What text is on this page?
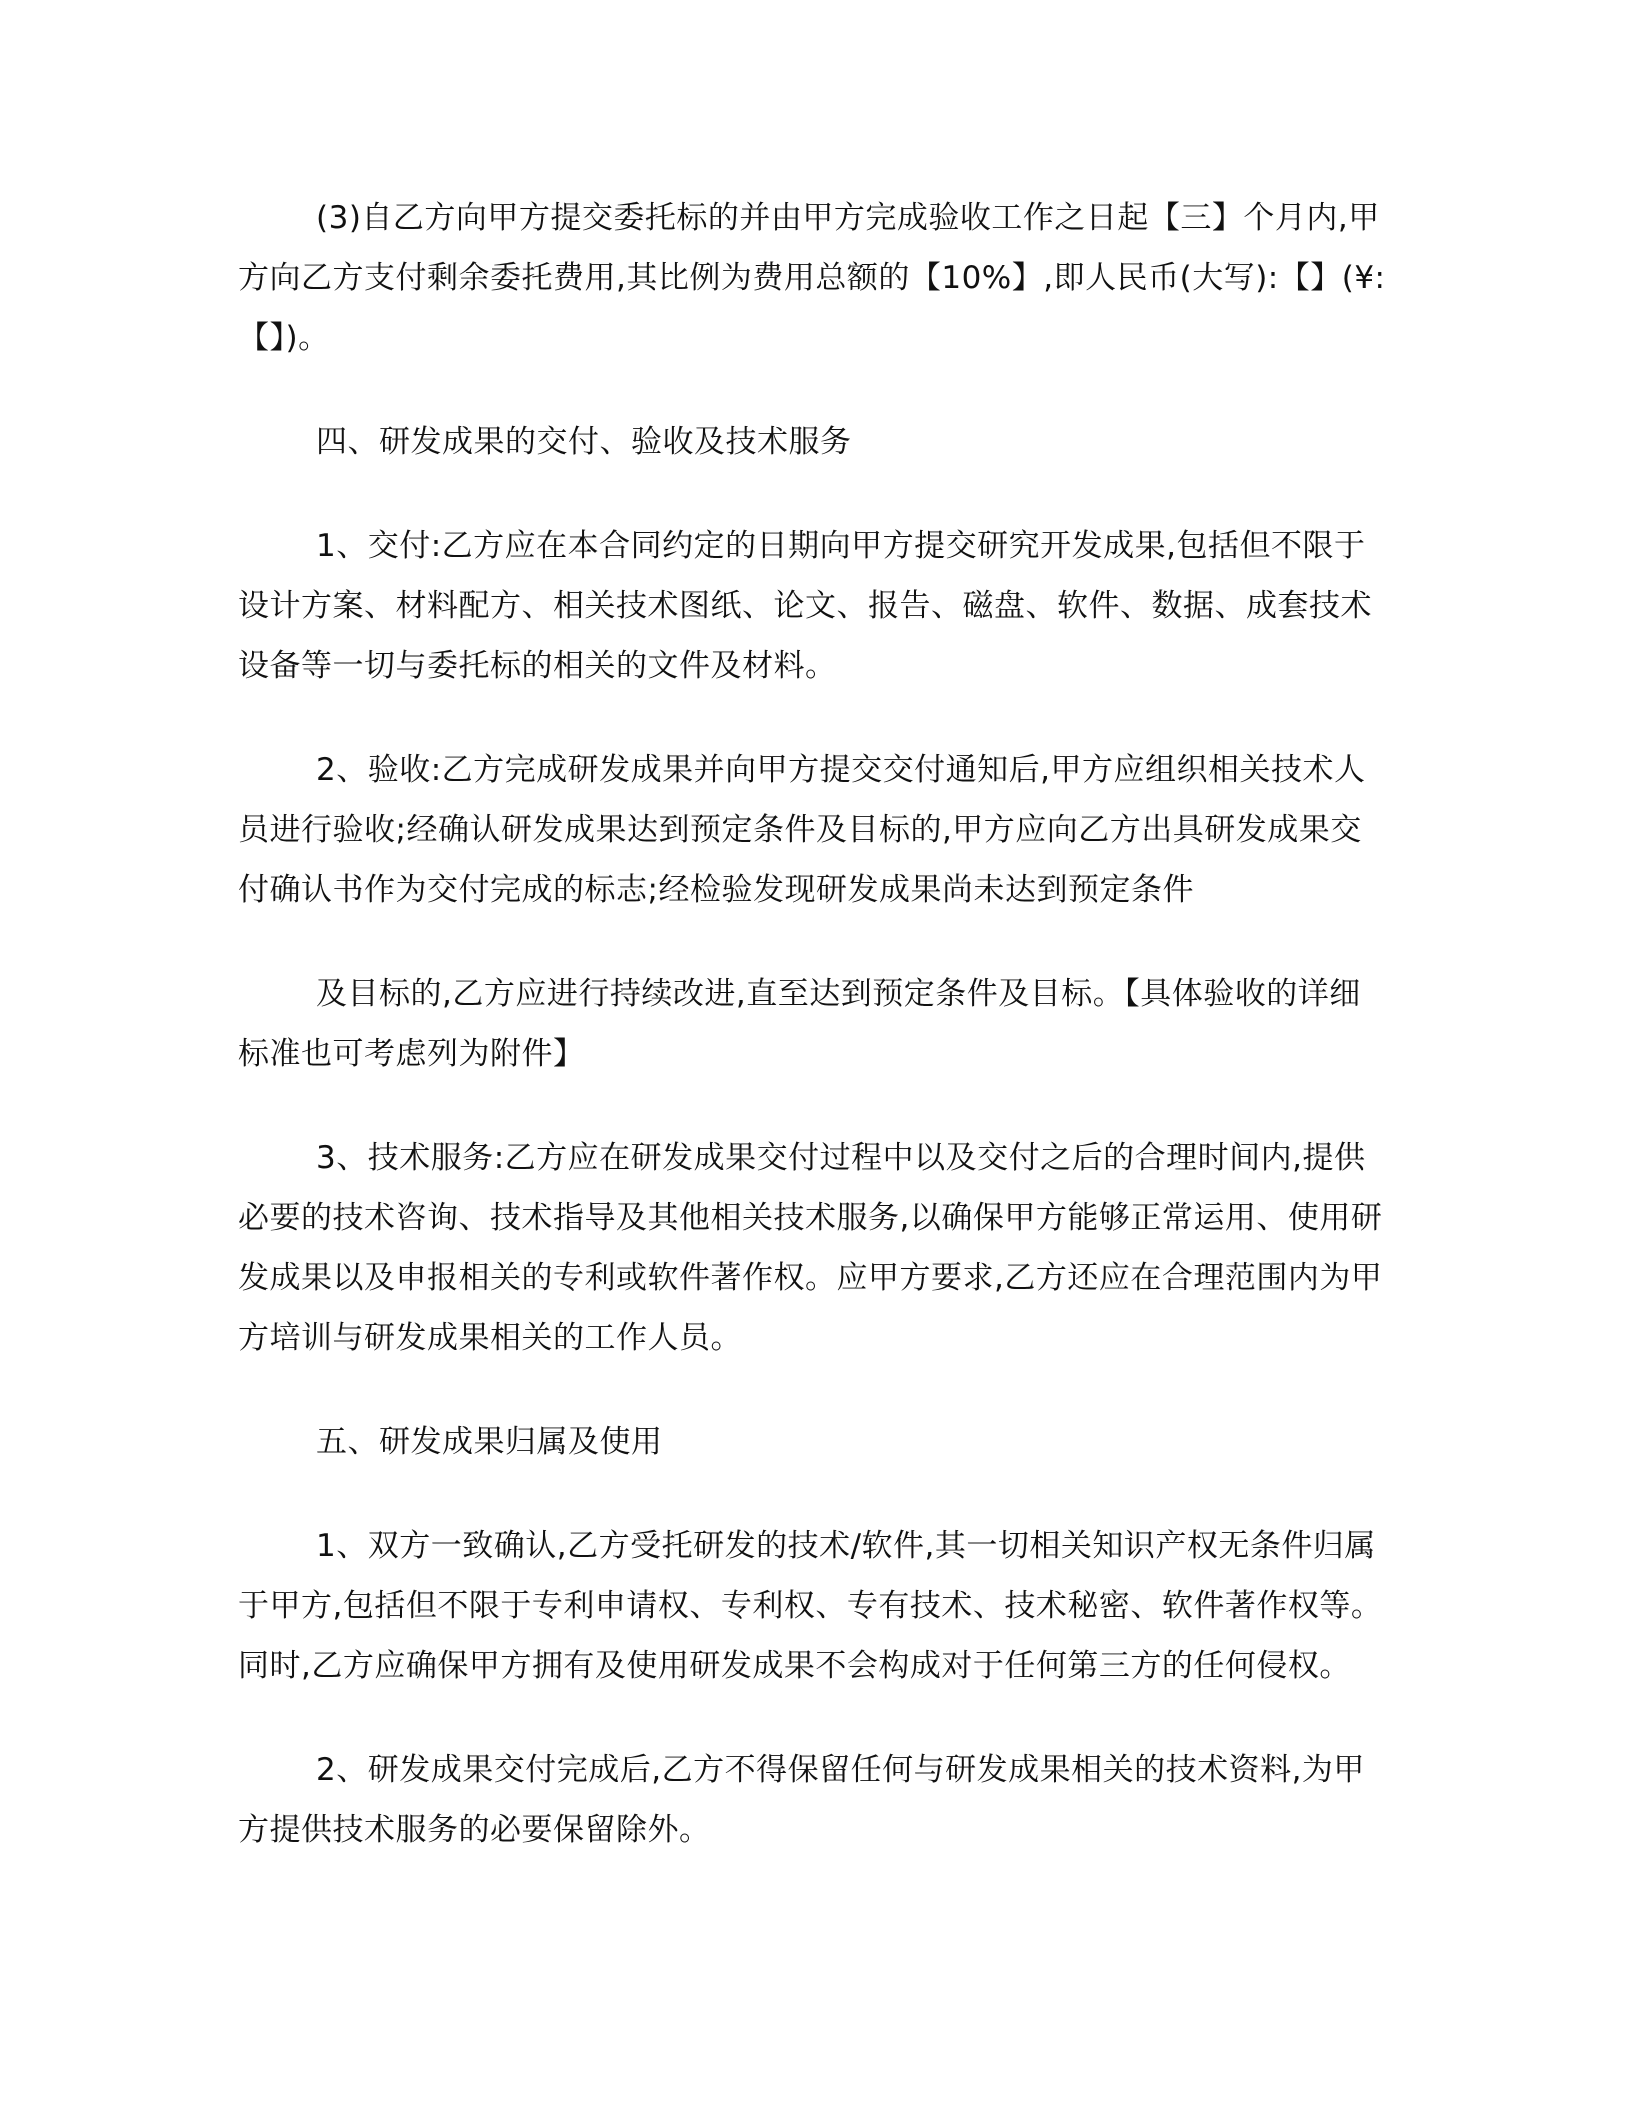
(3)自乙方向甲方提交委托标的并由甲方完成验收工作之日起【三】个月内,甲方向乙方支付剩余委托费用,其比例为费用总额的【10%】,即人民币(大写):【】(¥:【】)。

四、研发成果的交付、验收及技术服务

1、交付:乙方应在本合同约定的日期向甲方提交研究开发成果,包括但不限于设计方案、材料配方、相关技术图纸、论文、报告、磁盘、软件、数据、成套技术设备等一切与委托标的相关的文件及材料。

2、验收:乙方完成研发成果并向甲方提交交付通知后,甲方应组织相关技术人员进行验收;经确认研发成果达到预定条件及目标的,甲方应向乙方出具研发成果交付确认书作为交付完成的标志;经检验发现研发成果尚未达到预定条件

及目标的,乙方应进行持续改进,直至达到预定条件及目标。【具体验收的详细标准也可考虑列为附件】

3、技术服务:乙方应在研发成果交付过程中以及交付之后的合理时间内,提供必要的技术咨询、技术指导及其他相关技术服务,以确保甲方能够正常运用、使用研发成果以及申报相关的专利或软件著作权。应甲方要求,乙方还应在合理范围内为甲方培训与研发成果相关的工作人员。

五、研发成果归属及使用

1、双方一致确认,乙方受托研发的技术/软件,其一切相关知识产权无条件归属于甲方,包括但不限于专利申请权、专利权、专有技术、技术秘密、软件著作权等。同时,乙方应确保甲方拥有及使用研发成果不会构成对于任何第三方的任何侵权。

2、研发成果交付完成后,乙方不得保留任何与研发成果相关的技术资料,为甲方提供技术服务的必要保留除外。
